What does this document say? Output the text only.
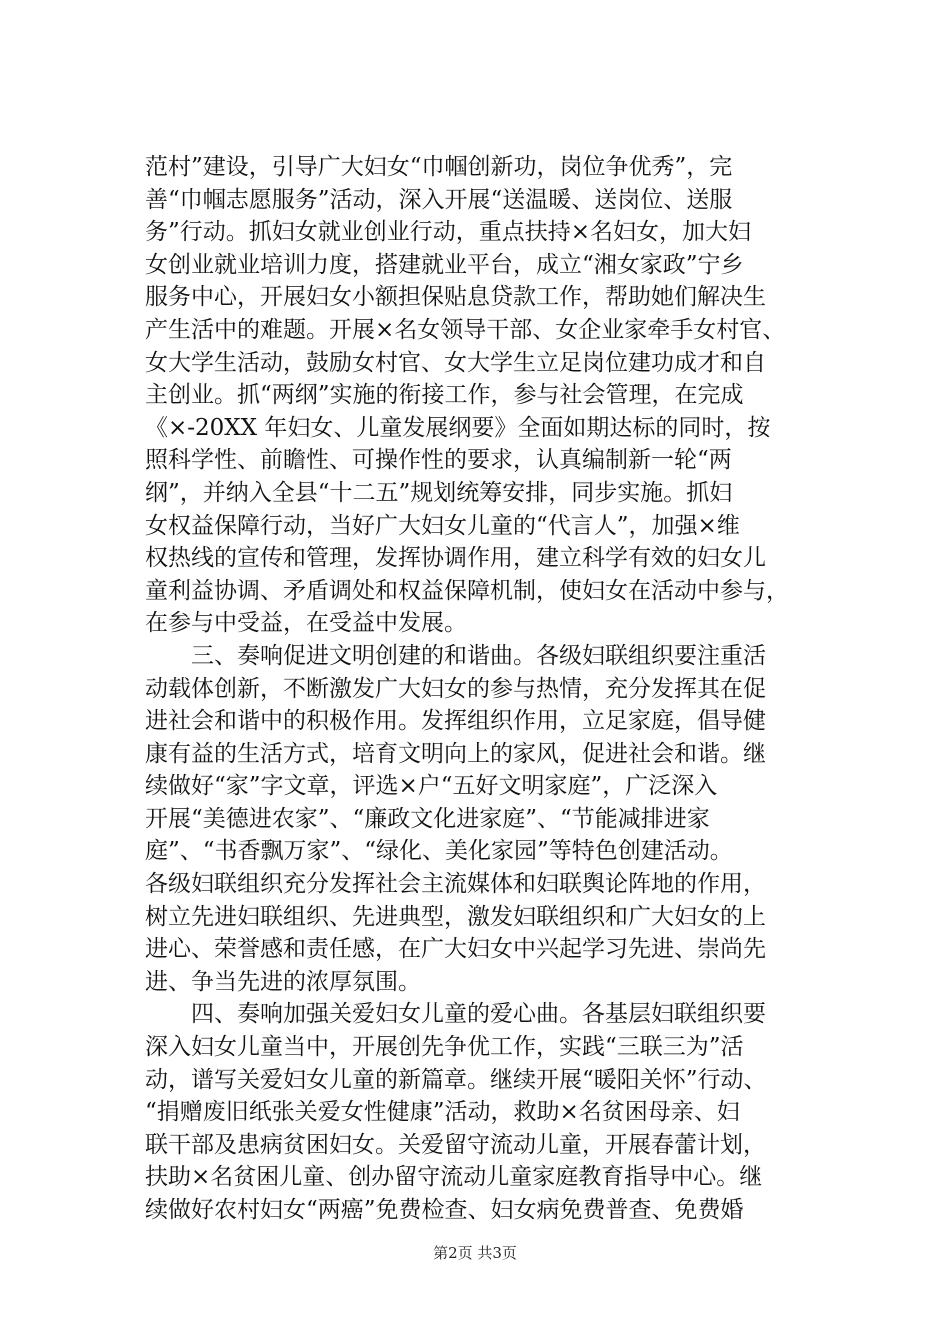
范村”建设，引导广大妇女“巾帼创新功，岗位争优秀”，完
善“巾帼志愿服务”活动，深入开展“送温暖、送岗位、送服
务”行动。抓妇女就业创业行动，重点扶持×名妇女，加大妇
女创业就业培训力度，搭建就业平台，成立“湘女家政”宁乡
服务中心，开展妇女小额担保贴息贷款工作，帮助她们解决生
产生活中的难题。开展×名女领导干部、女企业家牵手女村官、
女大学生活动，鼓励女村官、女大学生立足岗位建功成才和自
主创业。抓“两纲”实施的衔接工作，参与社会管理，在完成
《×-20XX 年妇女、儿童发展纲要》全面如期达标的同时，按
照科学性、前瞻性、可操作性的要求，认真编制新一轮“两
纲”，并纳入全县“十二五”规划统筹安排，同步实施。抓妇
女权益保障行动，当好广大妇女儿童的“代言人”，加强×维
权热线的宣传和管理，发挥协调作用，建立科学有效的妇女儿
童利益协调、矛盾调处和权益保障机制，使妇女在活动中参与，
在参与中受益，在受益中发展。
　　三、奏响促进文明创建的和谐曲。各级妇联组织要注重活
动载体创新，不断激发广大妇女的参与热情，充分发挥其在促
进社会和谐中的积极作用。发挥组织作用，立足家庭，倡导健
康有益的生活方式，培育文明向上的家风，促进社会和谐。继
续做好“家”字文章，评选×户“五好文明家庭”，广泛深入
开展“美德进农家”、“廉政文化进家庭”、“节能减排进家
庭”、“书香飘万家”、“绿化、美化家园”等特色创建活动。
各级妇联组织充分发挥社会主流媒体和妇联舆论阵地的作用，
树立先进妇联组织、先进典型，激发妇联组织和广大妇女的上
进心、荣誉感和责任感，在广大妇女中兴起学习先进、崇尚先
进、争当先进的浓厚氛围。
　　四、奏响加强关爱妇女儿童的爱心曲。各基层妇联组织要
深入妇女儿童当中，开展创先争优工作，实践“三联三为”活
动，谱写关爱妇女儿童的新篇章。继续开展“暖阳关怀”行动、
“捐赠废旧纸张关爱女性健康”活动，救助×名贫困母亲、妇
联干部及患病贫困妇女。关爱留守流动儿童，开展春蕾计划，
扶助×名贫困儿童、创办留守流动儿童家庭教育指导中心。继
续做好农村妇女“两癌”免费检查、妇女病免费普查、免费婚
第2页 共3页
